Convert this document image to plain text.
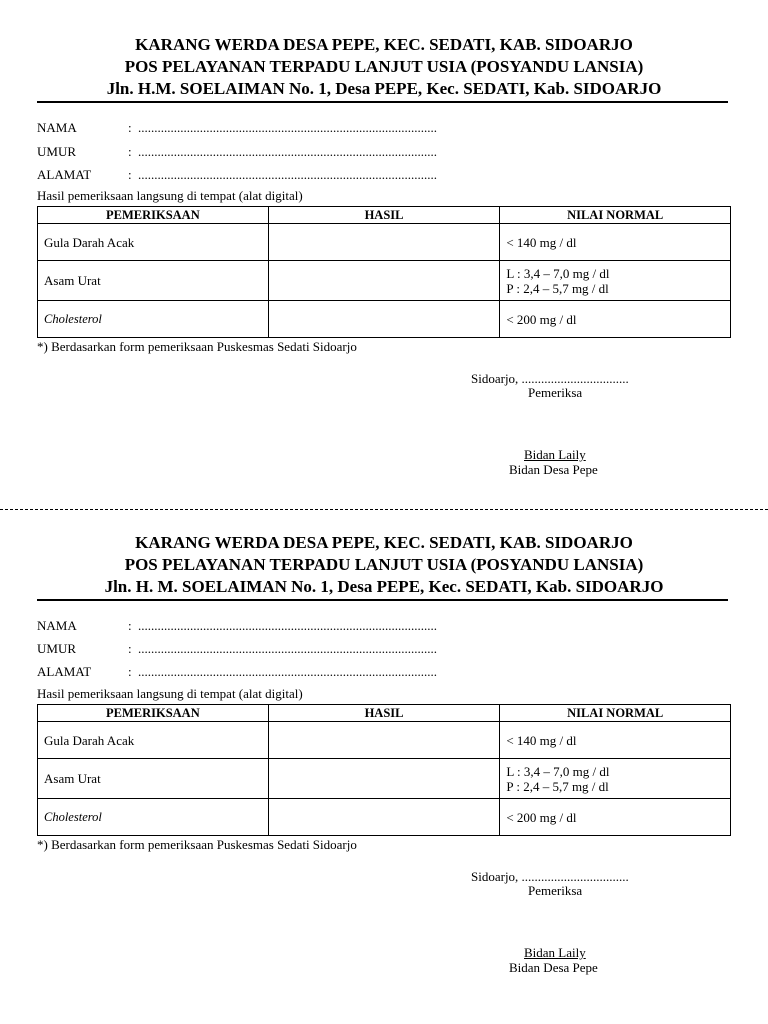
KARANG WERDA DESA PEPE, KEC. SEDATI, KAB. SIDOARJO
POS PELAYANAN TERPADU LANJUT USIA (POSYANDU LANSIA)
Jln. H.M. SOELAIMAN No. 1, Desa PEPE, Kec. SEDATI, Kab. SIDOARJO
NAMA	: ............................................................................................
UMUR	: ............................................................................................
ALAMAT	: ............................................................................................
Hasil pemeriksaan langsung di tempat (alat digital)
PEMERIKSAAN	HASIL	NILAI NORMAL
Gula Darah Acak		< 140 mg / dl
Asam Urat		L : 3,4 – 7,0 mg / dl
P : 2,4 – 5,7 mg / dl

Cholesterol		< 200 mg / dl
*) Berdasarkan form pemeriksaan Puskesmas Sedati Sidoarjo
Sidoarjo, .................................
Pemeriksa
Bidan Laily
Bidan Desa Pepe
KARANG WERDA DESA PEPE, KEC. SEDATI, KAB. SIDOARJO
POS PELAYANAN TERPADU LANJUT USIA (POSYANDU LANSIA)
Jln. H. M. SOELAIMAN No. 1, Desa PEPE, Kec. SEDATI, Kab. SIDOARJO
NAMA	: ............................................................................................
UMUR	: ............................................................................................
ALAMAT	: ............................................................................................
Hasil pemeriksaan langsung di tempat (alat digital)
PEMERIKSAAN	HASIL	NILAI NORMAL
Gula Darah Acak		< 140 mg / dl
Asam Urat		L : 3,4 – 7,0 mg / dl
P : 2,4 – 5,7 mg / dl

Cholesterol		< 200 mg / dl
*) Berdasarkan form pemeriksaan Puskesmas Sedati Sidoarjo
Sidoarjo, .................................
Pemeriksa
Bidan Laily
Bidan Desa Pepe
